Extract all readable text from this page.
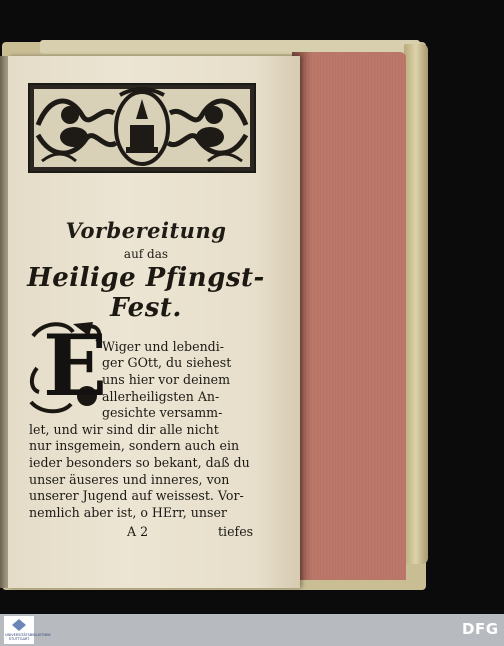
Vorbereitung
auf das
Heilige Pfingst-Fest.
E
Wiger und lebendi-
ger GOtt, du siehest
uns hier vor deinem
allerheiligsten An-
gesichte versamm-
let, und wir sind dir alle nicht
nur insgemein, sondern auch ein
ieder besonders so bekant, daß du
unser äuseres und inneres, von
unserer Jugend auf weissest. Vor-
nemlich aber ist, o HErr, unser
A 2	tiefes
UNIVERSITÄTSBIBLIOTHEK STUTTGART
DFG
